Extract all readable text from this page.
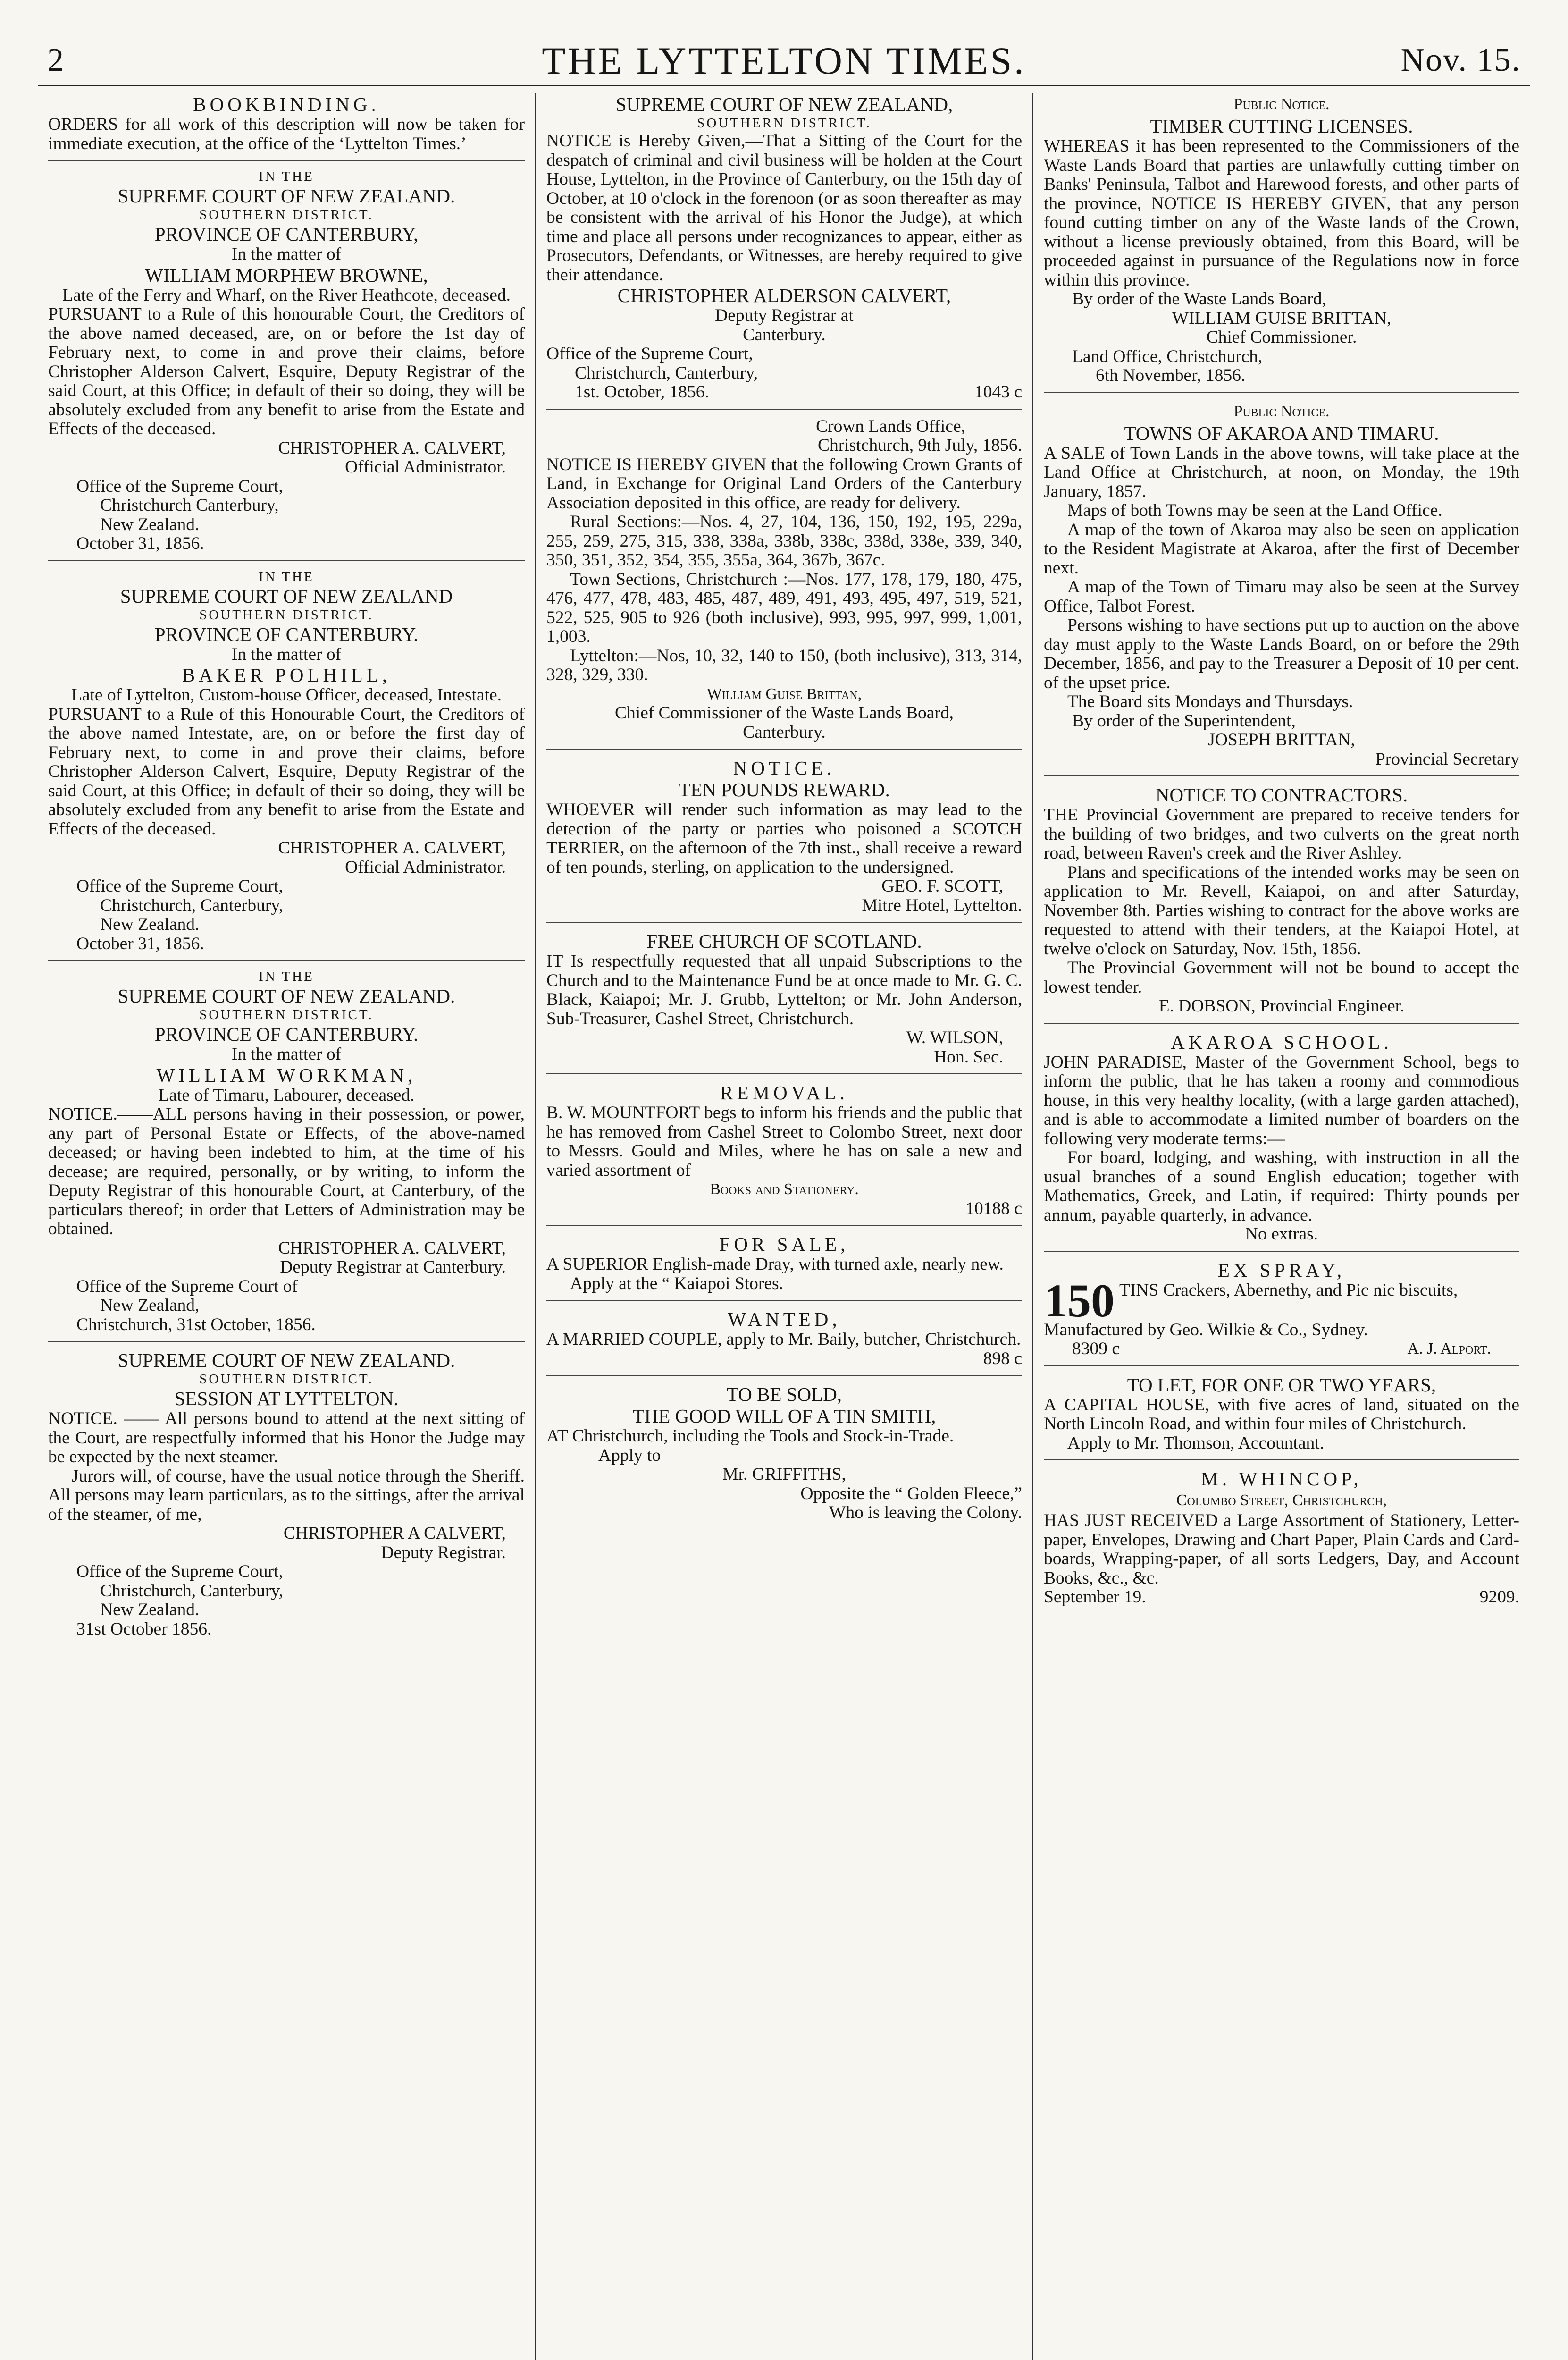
2	THE LYTTELTON TIMES.	Nov. 15.
BOOKBINDING.

ORDERS for all work of this description will now be taken for immediate execution, at the office of the ‘Lyttelton Times.’

IN THE
SUPREME COURT OF NEW ZEALAND.
SOUTHERN DISTRICT.
PROVINCE OF CANTERBURY,
In the matter of
WILLIAM MORPHEW BROWNE,
Late of the Ferry and Wharf, on the River Heathcote, deceased.

PURSUANT to a Rule of this honourable Court, the Creditors of the above named deceased, are, on or before the 1st day of February next, to come in and prove their claims, before Christopher Alderson Calvert, Esquire, Deputy Registrar of the said Court, at this Office; in default of their so doing, they will be absolutely excluded from any benefit to arise from the Estate and Effects of the deceased.

CHRISTOPHER A. CALVERT,
Official Administrator.
Office of the Supreme Court,
Christchurch Canterbury,
New Zealand.
October 31, 1856.
IN THE
SUPREME COURT OF NEW ZEALAND
SOUTHERN DISTRICT.
PROVINCE OF CANTERBURY.
In the matter of
BAKER POLHILL,
Late of Lyttelton, Custom-house Officer, deceased, Intestate.

PURSUANT to a Rule of this Honourable Court, the Creditors of the above named Intestate, are, on or before the first day of February next, to come in and prove their claims, before Christopher Alderson Calvert, Esquire, Deputy Registrar of the said Court, at this Office; in default of their so doing, they will be absolutely excluded from any benefit to arise from the Estate and Effects of the deceased.

CHRISTOPHER A. CALVERT,
Official Administrator.
Office of the Supreme Court,
Christchurch, Canterbury,
New Zealand.
October 31, 1856.
IN THE
SUPREME COURT OF NEW ZEALAND.
SOUTHERN DISTRICT.
PROVINCE OF CANTERBURY.
In the matter of
WILLIAM WORKMAN,
Late of Timaru, Labourer, deceased.

NOTICE.——ALL persons having in their possession, or power, any part of Personal Estate or Effects, of the above-named deceased; or having been indebted to him, at the time of his decease; are required, personally, or by writing, to inform the Deputy Registrar of this honourable Court, at Canterbury, of the particulars thereof; in order that Letters of Administration may be obtained.

CHRISTOPHER A. CALVERT,
Deputy Registrar at Canterbury.
Office of the Supreme Court of
New Zealand,
Christchurch, 31st October, 1856.
SUPREME COURT OF NEW ZEALAND.
SOUTHERN DISTRICT.
SESSION AT LYTTELTON.

NOTICE. —— All persons bound to attend at the next sitting of the Court, are respectfully informed that his Honor the Judge may be expected by the next steamer.

Jurors will, of course, have the usual notice through the Sheriff. All persons may learn particulars, as to the sittings, after the arrival of the steamer, of me,

CHRISTOPHER A CALVERT,
Deputy Registrar.
Office of the Supreme Court,
Christchurch, Canterbury,
New Zealand.
31st October 1856.
SUPREME COURT OF NEW ZEALAND,
SOUTHERN DISTRICT.

NOTICE is Hereby Given,—That a Sitting of the Court for the despatch of criminal and civil business will be holden at the Court House, Lyttelton, in the Province of Canterbury, on the 15th day of October, at 10 o'clock in the forenoon (or as soon thereafter as may be consistent with the arrival of his Honor the Judge), at which time and place all persons under recognizances to appear, either as Prosecutors, Defendants, or Witnesses, are hereby required to give their attendance.

CHRISTOPHER ALDERSON CALVERT,
Deputy Registrar at
Canterbury.
Office of the Supreme Court,
Christchurch, Canterbury,
1st. October, 1856.	1043 c
Crown Lands Office,
Christchurch, 9th July, 1856.

NOTICE IS HEREBY GIVEN that the following Crown Grants of Land, in Exchange for Original Land Orders of the Canterbury Association deposited in this office, are ready for delivery.

Rural Sections:—Nos. 4, 27, 104, 136, 150, 192, 195, 229a, 255, 259, 275, 315, 338, 338a, 338b, 338c, 338d, 338e, 339, 340, 350, 351, 352, 354, 355, 355a, 364, 367b, 367c.

Town Sections, Christchurch :—Nos. 177, 178, 179, 180, 475, 476, 477, 478, 483, 485, 487, 489, 491, 493, 495, 497, 519, 521, 522, 525, 905 to 926 (both inclusive), 993, 995, 997, 999, 1,001, 1,003.

Lyttelton:—Nos, 10, 32, 140 to 150, (both inclusive), 313, 314, 328, 329, 330.

William Guise Brittan,
Chief Commissioner of the Waste Lands Board,
Canterbury.
NOTICE.
TEN POUNDS REWARD.

WHOEVER will render such information as may lead to the detection of the party or parties who poisoned a SCOTCH TERRIER, on the afternoon of the 7th inst., shall receive a reward of ten pounds, sterling, on application to the undersigned.

GEO. F. SCOTT,
Mitre Hotel, Lyttelton.
FREE CHURCH OF SCOTLAND.

IT Is respectfully requested that all unpaid Subscriptions to the Church and to the Maintenance Fund be at once made to Mr. G. C. Black, Kaiapoi; Mr. J. Grubb, Lyttelton; or Mr. John Anderson, Sub-Treasurer, Cashel Street, Christchurch.

W. WILSON,
Hon. Sec.
REMOVAL.

B. W. MOUNTFORT begs to inform his friends and the public that he has removed from Cashel Street to Colombo Street, next door to Messrs. Gould and Miles, where he has on sale a new and varied assortment of

Books and Stationery.
10188 c
FOR SALE,

A SUPERIOR English-made Dray, with turned axle, nearly new.

Apply at the “ Kaiapoi Stores.

WANTED,

A MARRIED COUPLE, apply to Mr. Baily, butcher, Christchurch.

898 c
TO BE SOLD,
THE GOOD WILL OF A TIN SMITH,

AT Christchurch, including the Tools and Stock-in-Trade.

Apply to
Mr. GRIFFITHS,
Opposite the “ Golden Fleece,”
Who is leaving the Colony.
Public Notice.
TIMBER CUTTING LICENSES.

WHEREAS it has been represented to the Commissioners of the Waste Lands Board that parties are unlawfully cutting timber on Banks' Peninsula, Talbot and Harewood forests, and other parts of the province, NOTICE IS HEREBY GIVEN, that any person found cutting timber on any of the Waste lands of the Crown, without a license previously obtained, from this Board, will be proceeded against in pursuance of the Regulations now in force within this province.

By order of the Waste Lands Board,
WILLIAM GUISE BRITTAN,
Chief Commissioner.
Land Office, Christchurch,
6th November, 1856.
Public Notice.
TOWNS OF AKAROA AND TIMARU.

A SALE of Town Lands in the above towns, will take place at the Land Office at Christchurch, at noon, on Monday, the 19th January, 1857.

Maps of both Towns may be seen at the Land Office.

A map of the town of Akaroa may also be seen on application to the Resident Magistrate at Akaroa, after the first of December next.

A map of the Town of Timaru may also be seen at the Survey Office, Talbot Forest.

Persons wishing to have sections put up to auction on the above day must apply to the Waste Lands Board, on or before the 29th December, 1856, and pay to the Treasurer a Deposit of 10 per cent. of the upset price.

The Board sits Mondays and Thursdays.

By order of the Superintendent,
JOSEPH BRITTAN,
Provincial Secretary
NOTICE TO CONTRACTORS.

THE Provincial Government are prepared to receive tenders for the building of two bridges, and two culverts on the great north road, between Raven's creek and the River Ashley.

Plans and specifications of the intended works may be seen on application to Mr. Revell, Kaiapoi, on and after Saturday, November 8th. Parties wishing to contract for the above works are requested to attend with their tenders, at the Kaiapoi Hotel, at twelve o'clock on Saturday, Nov. 15th, 1856.

The Provincial Government will not be bound to accept the lowest tender.

E. DOBSON, Provincial Engineer.
AKAROA SCHOOL.

JOHN PARADISE, Master of the Government School, begs to inform the public, that he has taken a roomy and commodious house, in this very healthy locality, (with a large garden attached), and is able to accommodate a limited number of boarders on the following very moderate terms:—

For board, lodging, and washing, with instruction in all the usual branches of a sound English education; together with Mathematics, Greek, and Latin, if required: Thirty pounds per annum, payable quarterly, in advance.

No extras.
EX SPRAY,
150 TINS Crackers, Abernethy, and Pic nic biscuits,
Manufactured by Geo. Wilkie & Co., Sydney.
8309 c	A. J. Alport.
TO LET, FOR ONE OR TWO YEARS,

A CAPITAL HOUSE, with five acres of land, situated on the North Lincoln Road, and within four miles of Christchurch.

Apply to Mr. Thomson, Accountant.

M. WHINCOP,
Columbo Street, Christchurch,

HAS JUST RECEIVED a Large Assortment of Stationery, Letter-paper, Envelopes, Drawing and Chart Paper, Plain Cards and Card-boards, Wrapping-paper, of all sorts Ledgers, Day, and Account Books, &c., &c.

September 19.	9209.
